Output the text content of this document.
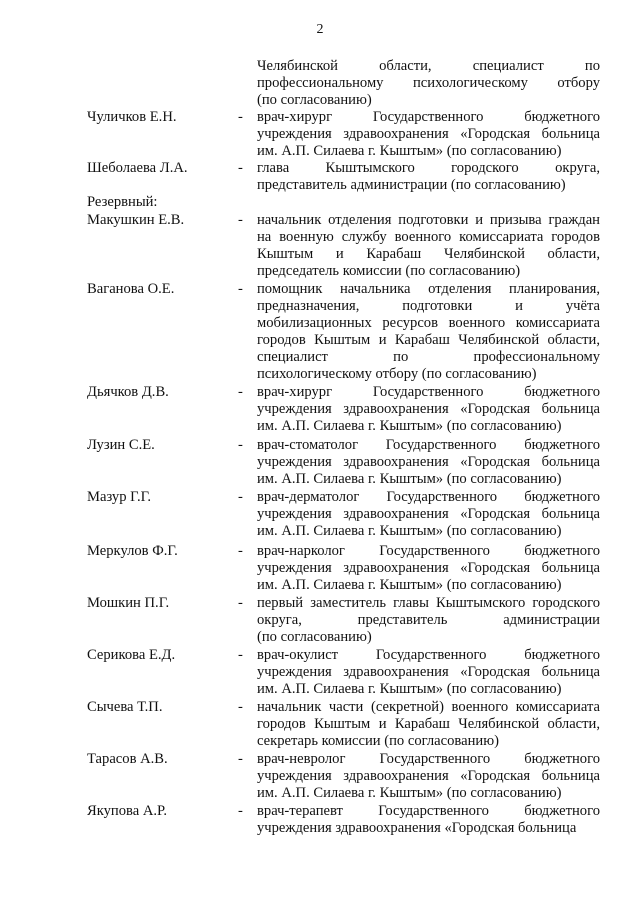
2
Челябинской области, специалист по
профессиональному психологическому отбору
(по согласованию)
Чуличков Е.Н.	- врач-хирург Государственного бюджетного
учреждения здравоохранения «Городская больница
им. А.П. Силаева г. Кыштым» (по согласованию)
Шеболаева Л.А.	- глава Кыштымского городского округа,
представитель администрации (по согласованию)
Макушкин Е.В.	- начальник отделения подготовки и призыва граждан
на военную службу военного комиссариата городов
Кыштым и Карабаш Челябинской области,
председатель комиссии (по согласованию)
Ваганова О.Е.	- помощник начальника отделения планирования,
предназначения, подготовки и учёта
мобилизационных ресурсов военного комиссариата
городов Кыштым и Карабаш Челябинской области,
специалист по профессиональному
психологическому отбору (по согласованию)
Дьячков Д.В.	- врач-хирург Государственного бюджетного
учреждения здравоохранения «Городская больница
им. А.П. Силаева г. Кыштым» (по согласованию)
Лузин С.Е.	- врач-стоматолог Государственного бюджетного
учреждения здравоохранения «Городская больница
им. А.П. Силаева г. Кыштым» (по согласованию)
Мазур Г.Г.	- врач-дерматолог Государственного бюджетного
учреждения здравоохранения «Городская больница
им. А.П. Силаева г. Кыштым» (по согласованию)
Меркулов Ф.Г.	- врач-нарколог Государственного бюджетного
учреждения здравоохранения «Городская больница
им. А.П. Силаева г. Кыштым» (по согласованию)
Мошкин П.Г.	- первый заместитель главы Кыштымского городского
округа, представитель администрации
(по согласованию)
Серикова Е.Д.	- врач-окулист Государственного бюджетного
учреждения здравоохранения «Городская больница
им. А.П. Силаева г. Кыштым» (по согласованию)
Сычева Т.П.	- начальник части (секретной) военного комиссариата
городов Кыштым и Карабаш Челябинской области,
секретарь комиссии (по согласованию)
Тарасов А.В.	- врач-невролог Государственного бюджетного
учреждения здравоохранения «Городская больница
им. А.П. Силаева г. Кыштым» (по согласованию)
Якупова А.Р.	- врач-терапевт Государственного бюджетного
учреждения здравоохранения «Городская больница
Резервный:
